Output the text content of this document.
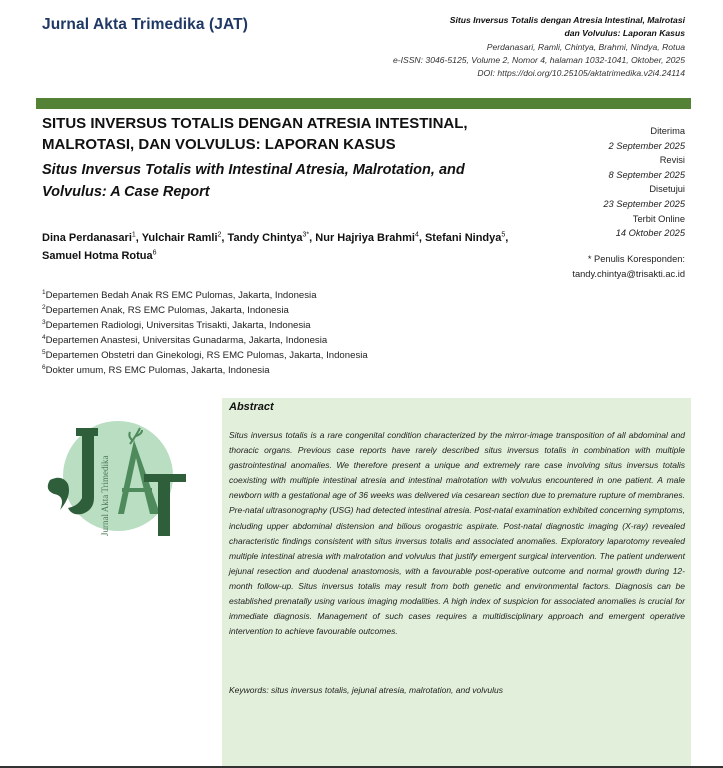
Jurnal Akta Trimedika (JAT)	Situs Inversus Totalis dengan Atresia Intestinal, Malrotasi
dan Volvulus: Laporan Kasus
Perdanasari, Ramli, Chintya, Brahmi, Nindya, Rotua
e-ISSN: 3046-5125, Volume 2, Nomor 4, halaman 1032-1041, Oktober, 2025
DOI: https://doi.org/10.25105/aktatrimedika.v2i4.24114
SITUS INVERSUS TOTALIS DENGAN ATRESIA INTESTINAL, MALROTASI, DAN VOLVULUS: LAPORAN KASUS
Situs Inversus Totalis with Intestinal Atresia, Malrotation, and Volvulus: A Case Report
Diterima
2 September 2025
Revisi
8 September 2025
Disetujui
23 September 2025
Terbit Online
14 Oktober 2025
* Penulis Koresponden:
tandy.chintya@trisakti.ac.id
Dina Perdanasari$^1$, Yulchair Ramli$^2$, Tandy Chintya$^{3*}$, Nur Hajriya Brahmi$^4$, Stefani Nindya$^5$, Samuel Hotma Rotua$^6$
$^1$Departemen Bedah Anak RS EMC Pulomas, Jakarta, Indonesia
$^2$Departemen Anak, RS EMC Pulomas, Jakarta, Indonesia
$^3$Departemen Radiologi, Universitas Trisakti, Jakarta, Indonesia
$^4$Departemen Anastesi, Universitas Gunadarma, Jakarta, Indonesia
$^5$Departemen Obstetri dan Ginekologi, RS EMC Pulomas, Jakarta, Indonesia
$^6$Dokter umum, RS EMC Pulomas, Jakarta, Indonesia
Jurnal Akta Trimedika
Abstract
Situs inversus totalis is a rare congenital condition characterized by the mirror-image transposition of all abdominal and thoracic organs. Previous case reports have rarely described situs inversus totalis in combination with multiple gastrointestinal anomalies. We therefore present a unique and extremely rare case involving situs inversus totalis coexisting with multiple intestinal atresia and intestinal malrotation with volvulus encountered in one patient. A male newborn with a gestational age of 36 weeks was delivered via cesarean section due to premature rupture of membranes. Pre-natal ultrasonography (USG) had detected intestinal atresia. Post-natal examination exhibited concerning symptoms, including upper abdominal distension and bilious orogastric aspirate. Post-natal diagnostic imaging (X-ray) revealed characteristic findings consistent with situs inversus totalis and associated anomalies. Exploratory laparotomy revealed multiple intestinal atresia with malrotation and volvulus that justify emergent surgical intervention. The patient underwent jejunal resection and duodenal anastomosis, with a favourable post-operative outcome and normal growth during 12-month follow-up. Situs inversus totalis may result from both genetic and environmental factors. Diagnosis can be established prenatally using various imaging modalities. A high index of suspicion for associated anomalies is crucial for immediate diagnosis. Management of such cases requires a multidisciplinary approach and emergent operative intervention to achieve favourable outcomes.
Keywords: situs inversus totalis, jejunal atresia, malrotation, and volvulus
